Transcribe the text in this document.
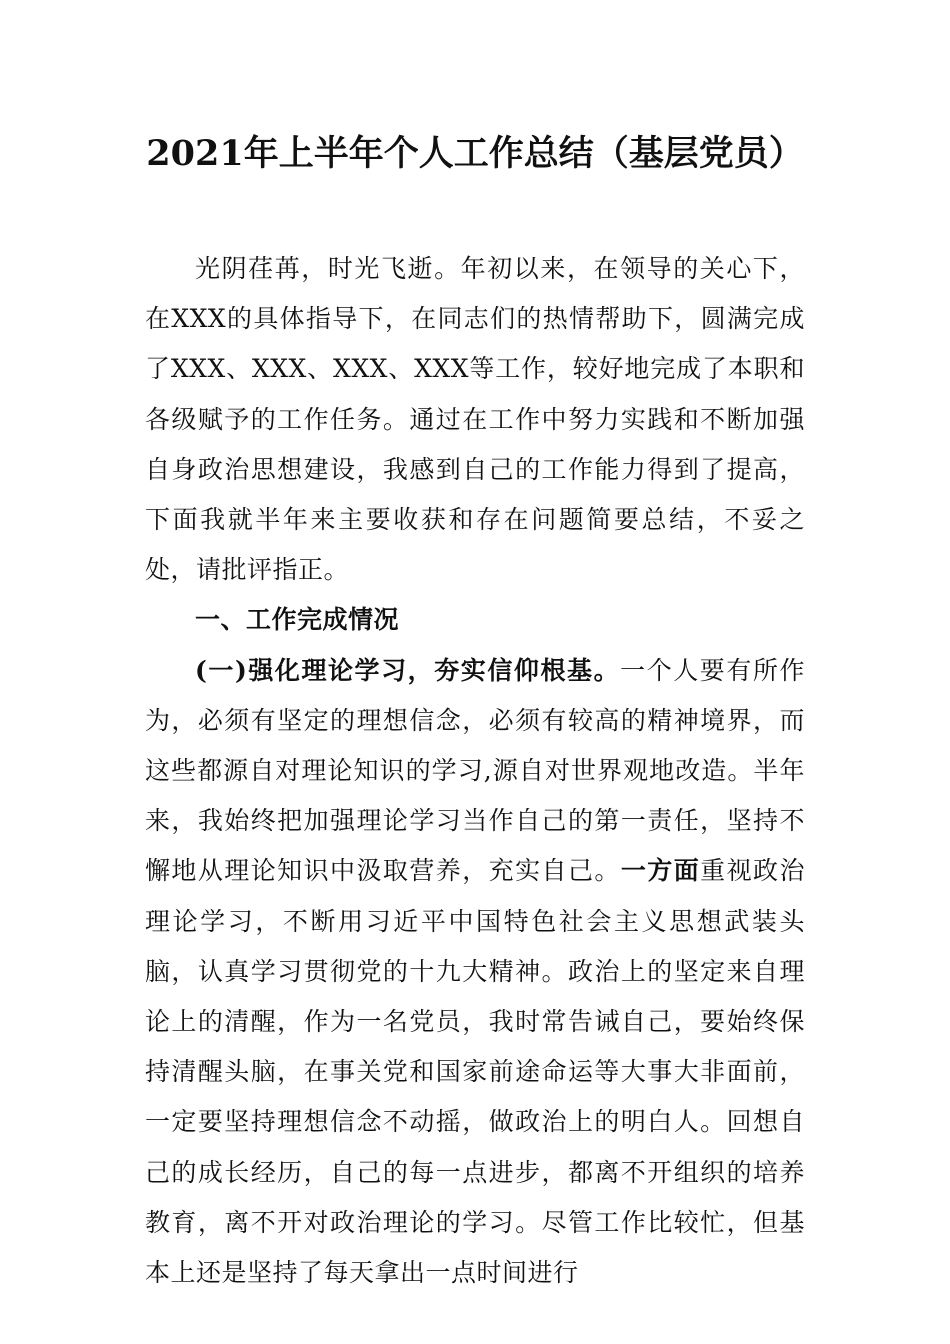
2021年上半年个人工作总结（基层党员）

光阴荏苒，时光飞逝。年初以来，在领导的关心下，在XXX的具体指导下，在同志们的热情帮助下，圆满完成了XXX、XXX、XXX、XXX等工作，较好地完成了本职和各级赋予的工作任务。通过在工作中努力实践和不断加强自身政治思想建设，我感到自己的工作能力得到了提高，下面我就半年来主要收获和存在问题简要总结，不妥之处，请批评指正。

一、工作完成情况

(一)强化理论学习，夯实信仰根基。一个人要有所作为，必须有坚定的理想信念，必须有较高的精神境界，而这些都源自对理论知识的学习,源自对世界观地改造。半年来，我始终把加强理论学习当作自己的第一责任，坚持不懈地从理论知识中汲取营养，充实自己。一方面重视政治理论学习，不断用习近平中国特色社会主义思想武装头脑，认真学习贯彻党的十九大精神。政治上的坚定来自理论上的清醒，作为一名党员，我时常告诫自己，要始终保持清醒头脑，在事关党和国家前途命运等大事大非面前，一定要坚持理想信念不动摇，做政治上的明白人。回想自己的成长经历，自己的每一点进步，都离不开组织的培养教育，离不开对政治理论的学习。尽管工作比较忙，但基本上还是坚持了每天拿出一点时间进行
